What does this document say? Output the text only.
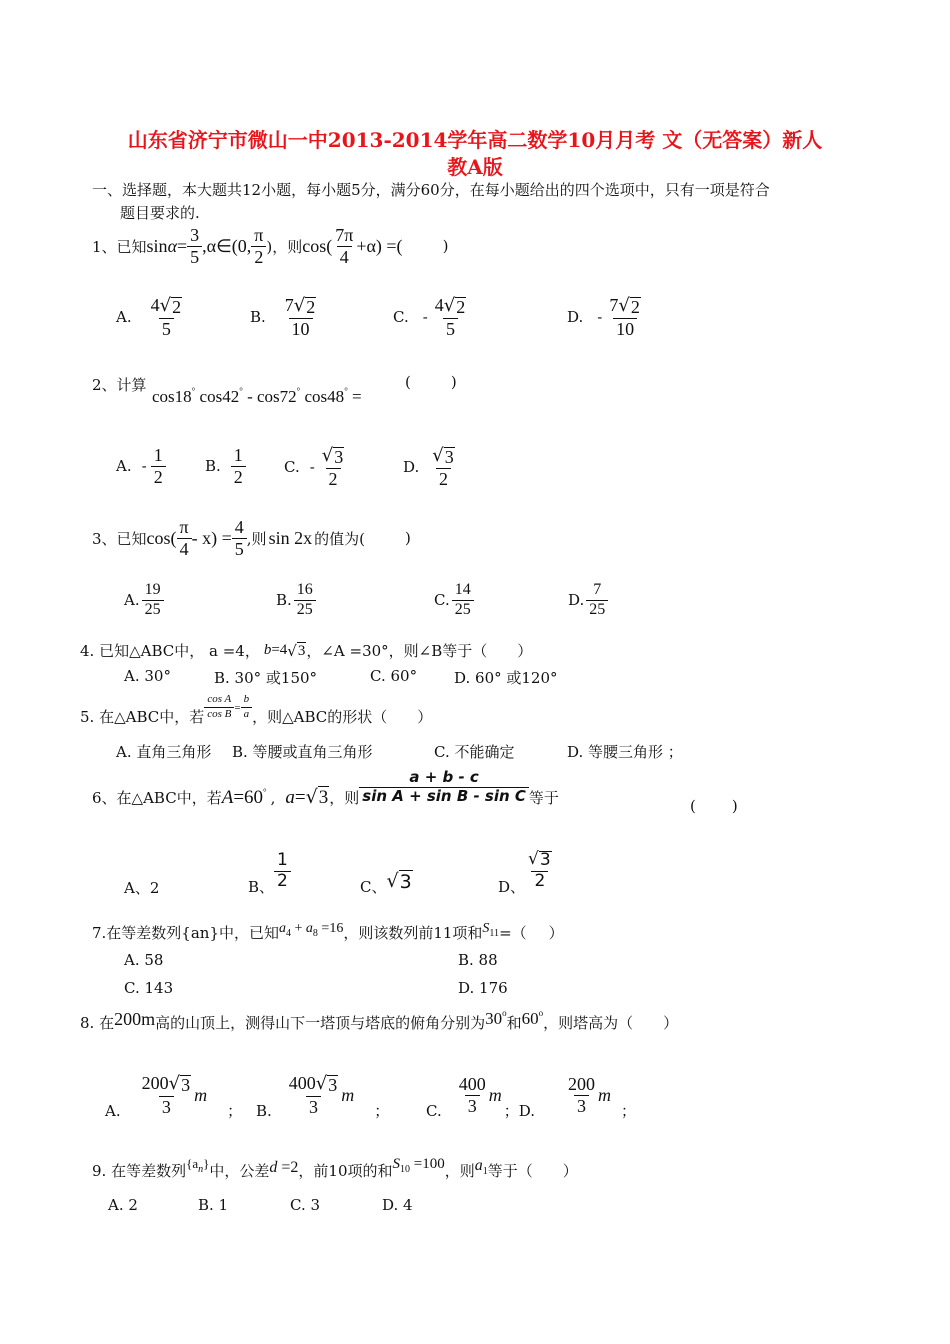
山东省济宁市微山一中2013-2014学年高二数学10月月考 文（无答案）新人
教A版
一、选择题，本大题共12小题，每小题5分，满分60分，在每小题给出的四个选项中，只有一项是符合
题目要求的.
1、已知 $\sin \alpha = \frac{3}{5}$ ,α∈(0, $\frac{\pi}{2}$ )，则 $\cos( \frac{7\pi}{4} +\alpha)$ =(	)
A. $\frac{4 √ 2}{5}$	B. $\frac{7 √ 2}{10}$	C. - $\frac{4 √ 2}{5}$	D. - $\frac{7 √ 2}{10}$
2、计算	(	)
cos18° cos42° - cos72° cos48° =
A. - $\frac{1}{2}$	B. $\frac{1}{2}$	C. - $\frac{√ 3}{2}$	D. $\frac{√ 3}{2}$
3、已知 $\cos( \frac{\pi}{4} - x) = \frac{4}{5}$ ,则 sin 2x 的值为(	)
A. $\frac{19}{25}$	B. $\frac{16}{25}$	C. $\frac{14}{25}$	D. $\frac{7}{25}$
4. 已知△ABC中， a =4， b =4 √ 3 ，∠A =30°，则∠B等于（ ）
A. 30°	B. 30° 或150°	C. 60° D. 60° 或120°
5. 在△ABC中，若 $\frac{\text{cos A}}{\text{cos B}} = \frac{b}{a}$ ，则△ABC的形状（ ）
A. 直角三角形 B. 等腰或直角三角形	C. 不能确定	D. 等腰三角形 ；
6、在△ABC中，若 A =60° , a = √ 3 ，则 $\frac{a + b - c}{\text{sin A + sin B - sin C}}$ 等于	( )
A、2	B、 $\frac{1}{2}$	C、 √ 3	D、 $\frac{√ 3}{2}$
7.在等差数列{an}中，已知 $a_4 + a_8 =16$ ，则该数列前11项和 $S_{11}$ =（ ）
A. 58	B. 88
C. 143	D. 176
8. 在 200m 高的山顶上，测得山下一塔顶与塔底的俯角分别为 30$^o$
和 60$^o$
，则塔高为（ ）
A. $\frac{200 √ 3}{3}$ m
； B. $\frac{400 √ 3}{3}$ m
； C. $\frac{400}{3}$ m
； D. $\frac{200}{3}$ m
；
9. 在等差数列 $\{a_n\}$ 中，公差 d =2 ，前10项的和 $S_{10} =100$ ，则 $a_1$ 等于（ ）
A. 2	B. 1	C. 3	D. 4
